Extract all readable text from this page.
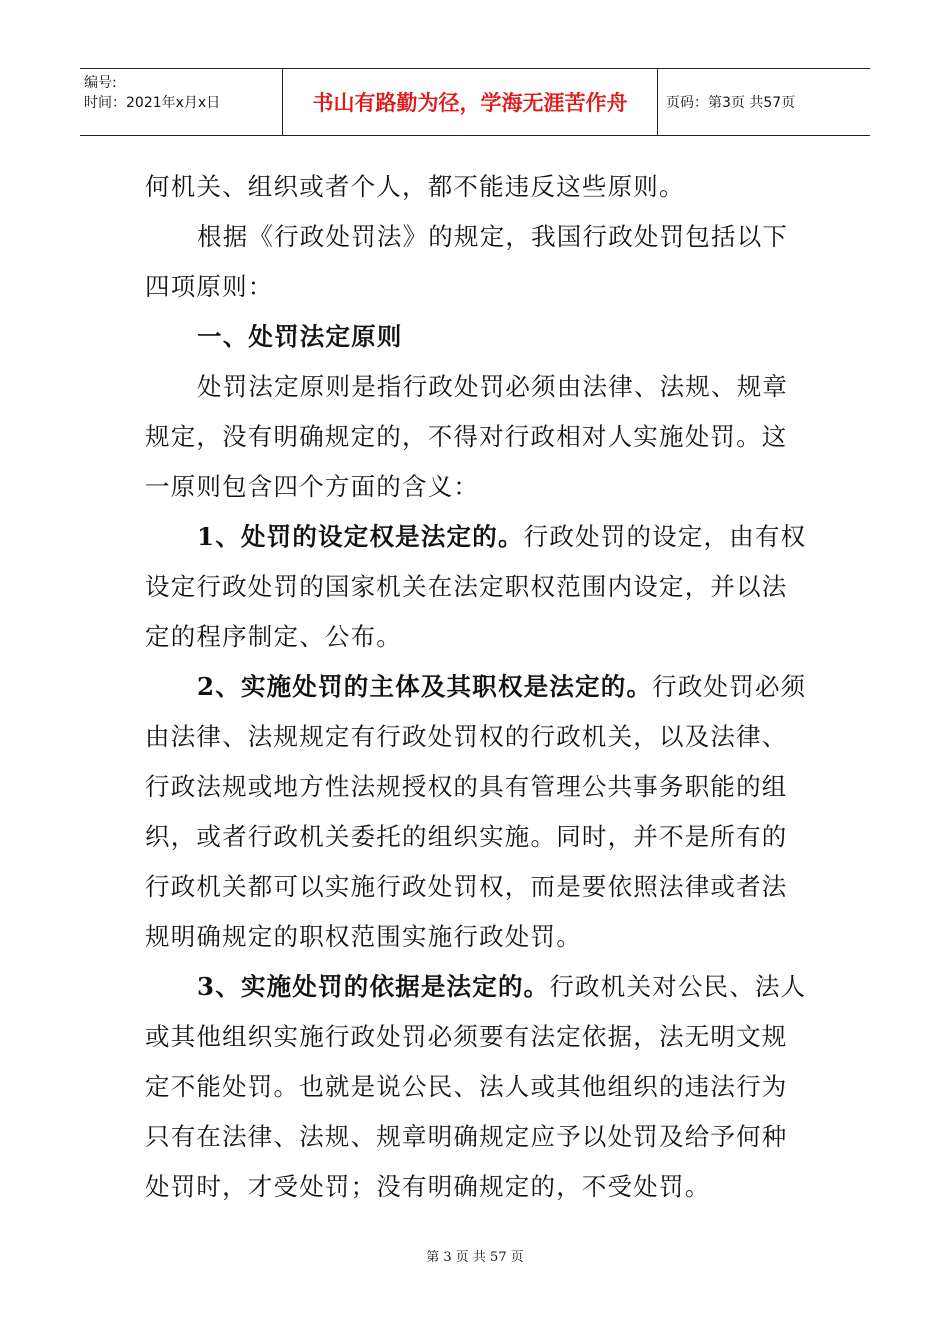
编号:
时间：2021年x月x日	书山有路勤为径，学海无涯苦作舟	页码：第3页 共57页

何机关、组织或者个人，都不能违反这些原则。

根据《行政处罚法》的规定，我国行政处罚包括以下四项原则：

一、处罚法定原则

处罚法定原则是指行政处罚必须由法律、法规、规章规定，没有明确规定的，不得对行政相对人实施处罚。这一原则包含四个方面的含义：

1、处罚的设定权是法定的。行政处罚的设定，由有权设定行政处罚的国家机关在法定职权范围内设定，并以法定的程序制定、公布。

2、实施处罚的主体及其职权是法定的。行政处罚必须由法律、法规规定有行政处罚权的行政机关，以及法律、行政法规或地方性法规授权的具有管理公共事务职能的组织，或者行政机关委托的组织实施。同时，并不是所有的行政机关都可以实施行政处罚权，而是要依照法律或者法规明确规定的职权范围实施行政处罚。

3、实施处罚的依据是法定的。行政机关对公民、法人或其他组织实施行政处罚必须要有法定依据，法无明文规定不能处罚。也就是说公民、法人或其他组织的违法行为只有在法律、法规、规章明确规定应予以处罚及给予何种处罚时，才受处罚；没有明确规定的，不受处罚。

第 3 页 共 57 页
